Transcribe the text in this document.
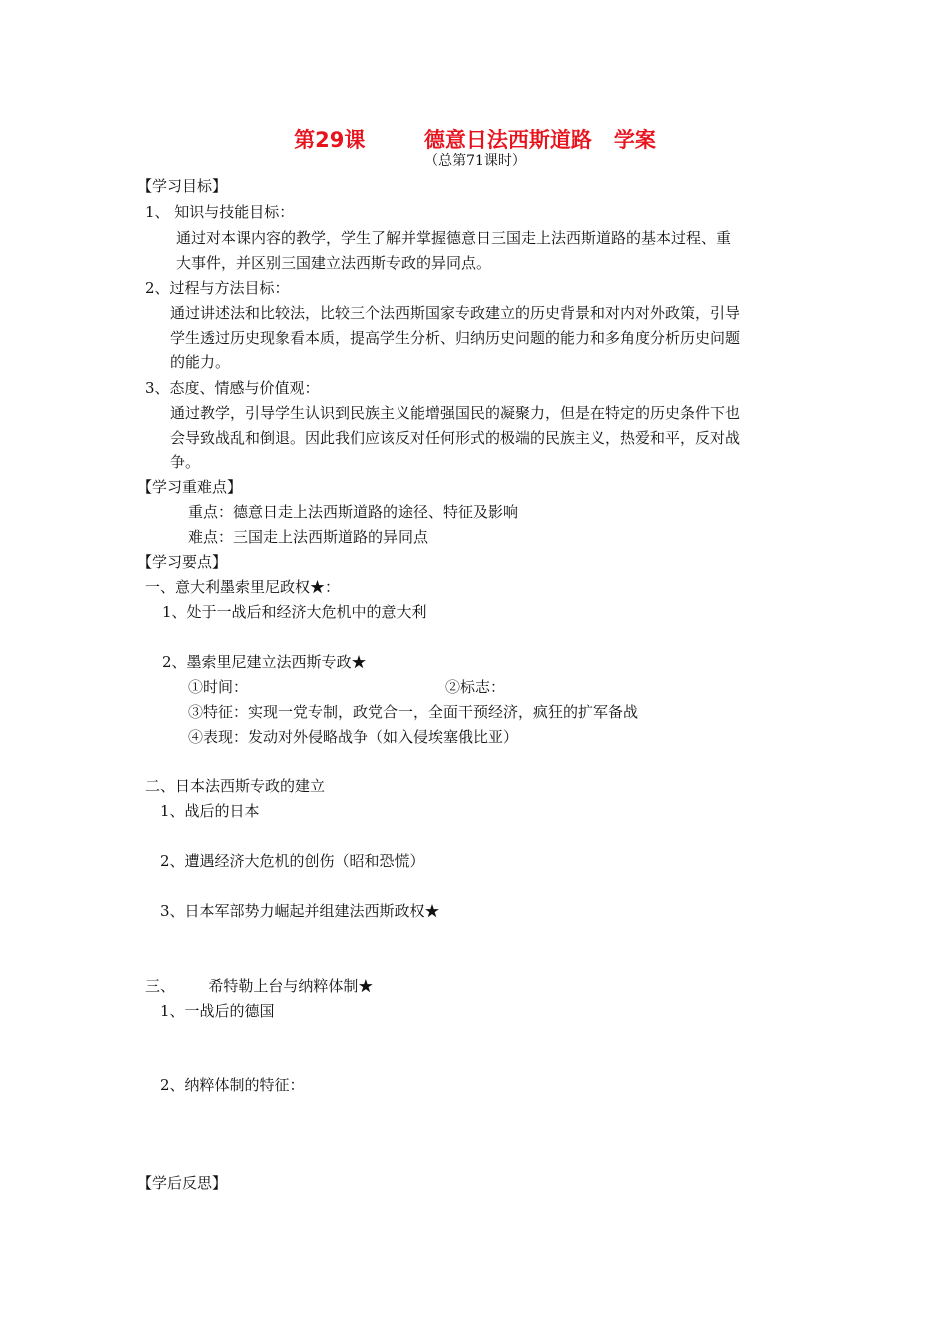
第29课        德意日法西斯道路   学案
（总第71课时）
【学习目标】
1、 知识与技能目标：
通过对本课内容的教学，学生了解并掌握德意日三国走上法西斯道路的基本过程、重
大事件，并区别三国建立法西斯专政的异同点。
2、过程与方法目标：
通过讲述法和比较法，比较三个法西斯国家专政建立的历史背景和对内对外政策，引导
学生透过历史现象看本质，提高学生分析、归纳历史问题的能力和多角度分析历史问题
的能力。
3、态度、情感与价值观：
通过教学，引导学生认识到民族主义能增强国民的凝聚力，但是在特定的历史条件下也
会导致战乱和倒退。因此我们应该反对任何形式的极端的民族主义，热爱和平，反对战
争。
【学习重难点】
重点：德意日走上法西斯道路的途径、特征及影响
难点：三国走上法西斯道路的异同点
【学习要点】
一、意大利墨索里尼政权★：
1、处于一战后和经济大危机中的意大利
2、墨索里尼建立法西斯专政★
①时间：	②标志：
③特征：实现一党专制，政党合一，全面干预经济，疯狂的扩军备战
④表现：发动对外侵略战争（如入侵埃塞俄比亚）
二、日本法西斯专政的建立
1、战后的日本
2、遭遇经济大危机的创伤（昭和恐慌）
3、日本军部势力崛起并组建法西斯政权★
三、       希特勒上台与纳粹体制★
1、一战后的德国
2、纳粹体制的特征：
【学后反思】
